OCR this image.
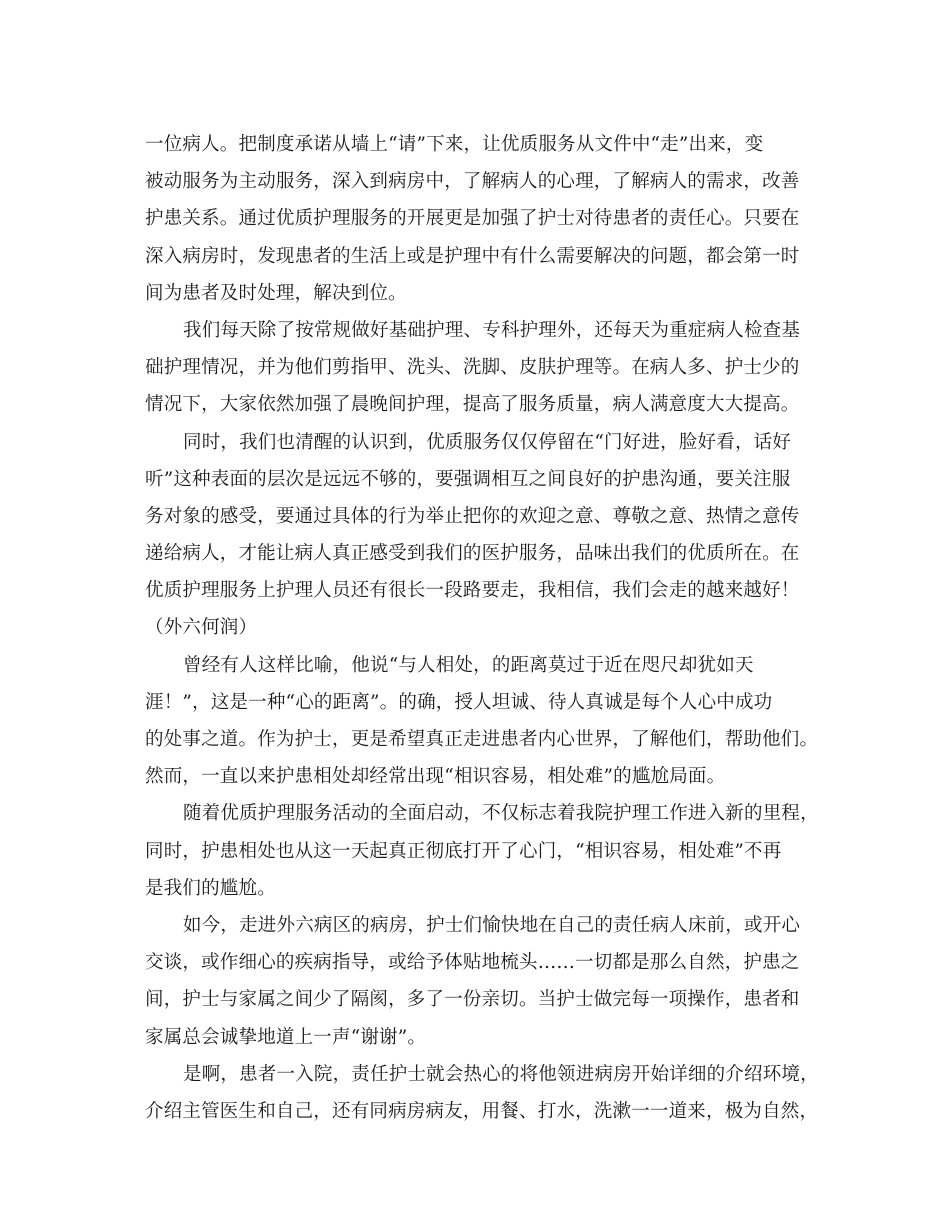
一位病人。把制度承诺从墙上“请”下来，让优质服务从文件中“走”出来，变
被动服务为主动服务，深入到病房中，了解病人的心理，了解病人的需求，改善
护患关系。通过优质护理服务的开展更是加强了护士对待患者的责任心。只要在
深入病房时，发现患者的生活上或是护理中有什么需要解决的问题，都会第一时
间为患者及时处理，解决到位。
我们每天除了按常规做好基础护理、专科护理外，还每天为重症病人检查基
础护理情况，并为他们剪指甲、洗头、洗脚、皮肤护理等。在病人多、护士少的
情况下，大家依然加强了晨晚间护理，提高了服务质量，病人满意度大大提高。
同时，我们也清醒的认识到，优质服务仅仅停留在“门好进，脸好看，话好
听”这种表面的层次是远远不够的，要强调相互之间良好的护患沟通，要关注服
务对象的感受，要通过具体的行为举止把你的欢迎之意、尊敬之意、热情之意传
递给病人，才能让病人真正感受到我们的医护服务，品味出我们的优质所在。在
优质护理服务上护理人员还有很长一段路要走，我相信，我们会走的越来越好！
（外六何润）
曾经有人这样比喻，他说“与人相处，的距离莫过于近在咫尺却犹如天
涯！”，这是一种“心的距离”。的确，授人坦诚、待人真诚是每个人心中成功
的处事之道。作为护士，更是希望真正走进患者内心世界，了解他们，帮助他们。
然而，一直以来护患相处却经常出现“相识容易，相处难”的尴尬局面。
随着优质护理服务活动的全面启动，不仅标志着我院护理工作进入新的里程，
同时，护患相处也从这一天起真正彻底打开了心门，“相识容易，相处难”不再
是我们的尴尬。
如今，走进外六病区的病房，护士们愉快地在自己的责任病人床前，或开心
交谈，或作细心的疾病指导，或给予体贴地梳头……一切都是那么自然，护患之
间，护士与家属之间少了隔阂，多了一份亲切。当护士做完每一项操作，患者和
家属总会诚挚地道上一声“谢谢”。
是啊，患者一入院，责任护士就会热心的将他领进病房开始详细的介绍环境，
介绍主管医生和自己，还有同病房病友，用餐、打水，洗漱一一道来，极为自然，
